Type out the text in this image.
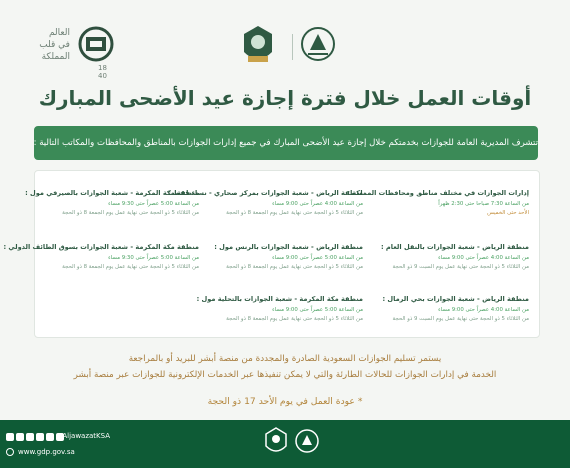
العالم
في قلب
المملكة
18 40
أوقات العمل خلال فترة إجازة عيد الأضحى المبارك
تتشرف المديرية العامة للجوازات بخدمتكم خلال إجازة عيد الأضحى المبارك في جميع إدارات الجوازات بالمناطق والمحافظات والمكاتب التالية :
إدارات الجوازات في مختلف مناطق ومحافظات المملكة :
من الساعة 7:30 صباحا حتى 2:30 ظهراً
الأحد حتى الخميس
منطقة الرياض - شعبة الجوازات بالنقل العام :
من الساعة 4:00 عصراً حتى 9:00 مساء
من الثلاثاء 5 ذو الحجة حتى نهاية عمل يوم السبت 9 ذو الحجة
منطقة الرياض - شعبة الجوازات بحي الرمال :
من الساعة 4:00 عصراً حتى 9:00 مساء
من الثلاثاء 5 ذو الحجة حتى نهاية عمل يوم السبت 9 ذو الحجة
منطقة الرياض - شعبة الجوازات بمركز صحاري - نساء فقط :
من الساعة 4:00 عصراً حتى 9:00 مساء
من الثلاثاء 5 ذو الحجة حتى نهاية عمل يوم الجمعة 8 ذو الحجة
منطقة الرياض - شعبة الجوازات بالرنس مول :
من الساعة 5:00 عصراً حتى 9:00 مساء
من الثلاثاء 5 ذو الحجة حتى نهاية عمل يوم الجمعة 8 ذو الحجة
منطقة مكة المكرمة - شعبة الجوازات بالتحلية مول :
من الساعة 5:00 عصراً حتى 9:00 مساء
من الثلاثاء 5 ذو الحجة حتى نهاية عمل يوم الجمعة 8 ذو الحجة
منطقة مكة المكرمة - شعبة الجوازات بالصيرفي مول :
من الساعة 5:00 عصراً حتى 9:30 مساء
من الثلاثاء 5 ذو الحجة حتى نهاية عمل يوم الجمعة 8 ذو الحجة
منطقة مكة المكرمة - شعبة الجوازات بسوق الطائف الدولي :
من الساعة 5:00 عصراً حتى 9:30 مساء
من الثلاثاء 5 ذو الحجة حتى نهاية عمل يوم الجمعة 8 ذو الحجة
يستمر تسليم الجوازات السعودية الصادرة والمجددة من منصة أبشر للبريد أو بالمراجعة
الخدمة في إدارات الجوازات للحالات الطارئة والتي لا يمكن تنفيذها عبر الخدمات الإلكترونية للجوازات عبر منصة أبشر
* عودة العمل في يوم الأحد 17 ذو الحجة
/AljawazatKSA
www.gdp.gov.sa
